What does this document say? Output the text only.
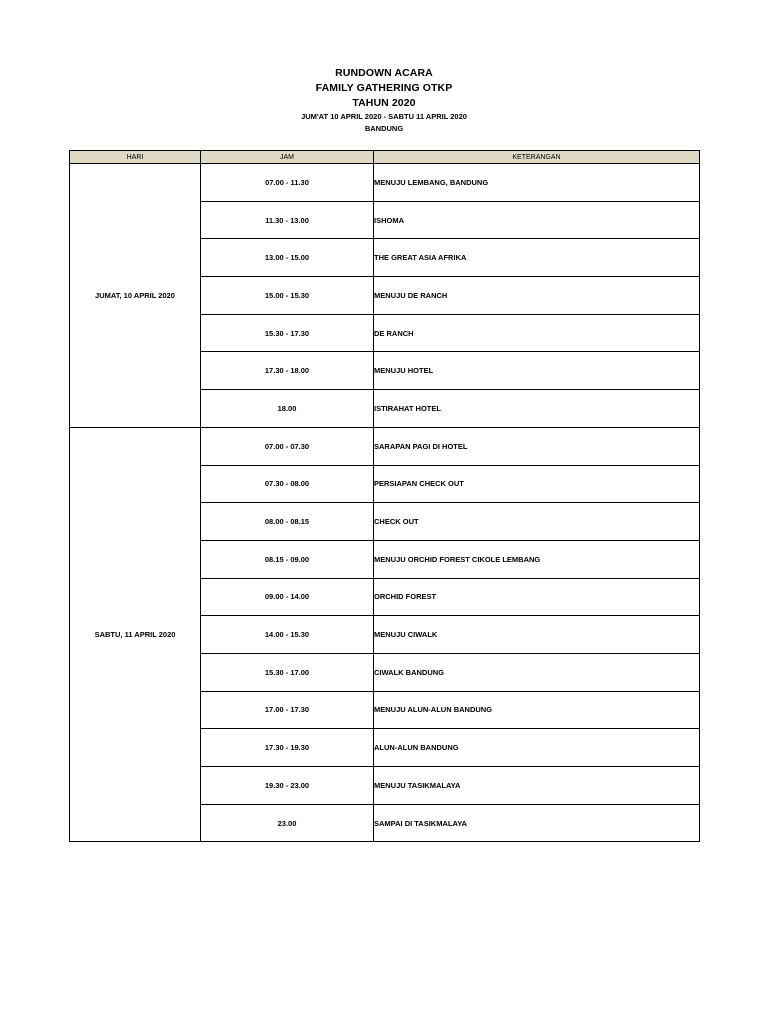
RUNDOWN ACARA
FAMILY GATHERING OTKP
TAHUN 2020
JUM'AT 10 APRIL 2020 - SABTU 11 APRIL 2020
BANDUNG
HARI	JAM	KETERANGAN
JUMAT, 10 APRIL 2020	07.00 - 11.30	MENUJU LEMBANG, BANDUNG
	11.30 - 13.00	ISHOMA
	13.00 - 15.00	THE GREAT ASIA AFRIKA
	15.00 - 15.30	MENUJU DE RANCH
	15.30 - 17.30	DE RANCH
	17.30 - 18.00	MENUJU HOTEL
	18.00	ISTIRAHAT HOTEL
SABTU, 11 APRIL 2020	07.00 - 07.30	SARAPAN PAGI DI HOTEL
	07.30 - 08.00	PERSIAPAN CHECK OUT
	08.00 - 08.15	CHECK OUT
	08.15 - 09.00	MENUJU ORCHID FOREST CIKOLE LEMBANG
	09.00 - 14.00	ORCHID FOREST
	14.00 - 15.30	MENUJU CIWALK
	15.30 - 17.00	CIWALK BANDUNG
	17.00 - 17.30	MENUJU ALUN-ALUN BANDUNG
	17.30 - 19.30	ALUN-ALUN BANDUNG
	19.30 - 23.00	MENUJU TASIKMALAYA
	23.00	SAMPAI DI TASIKMALAYA
